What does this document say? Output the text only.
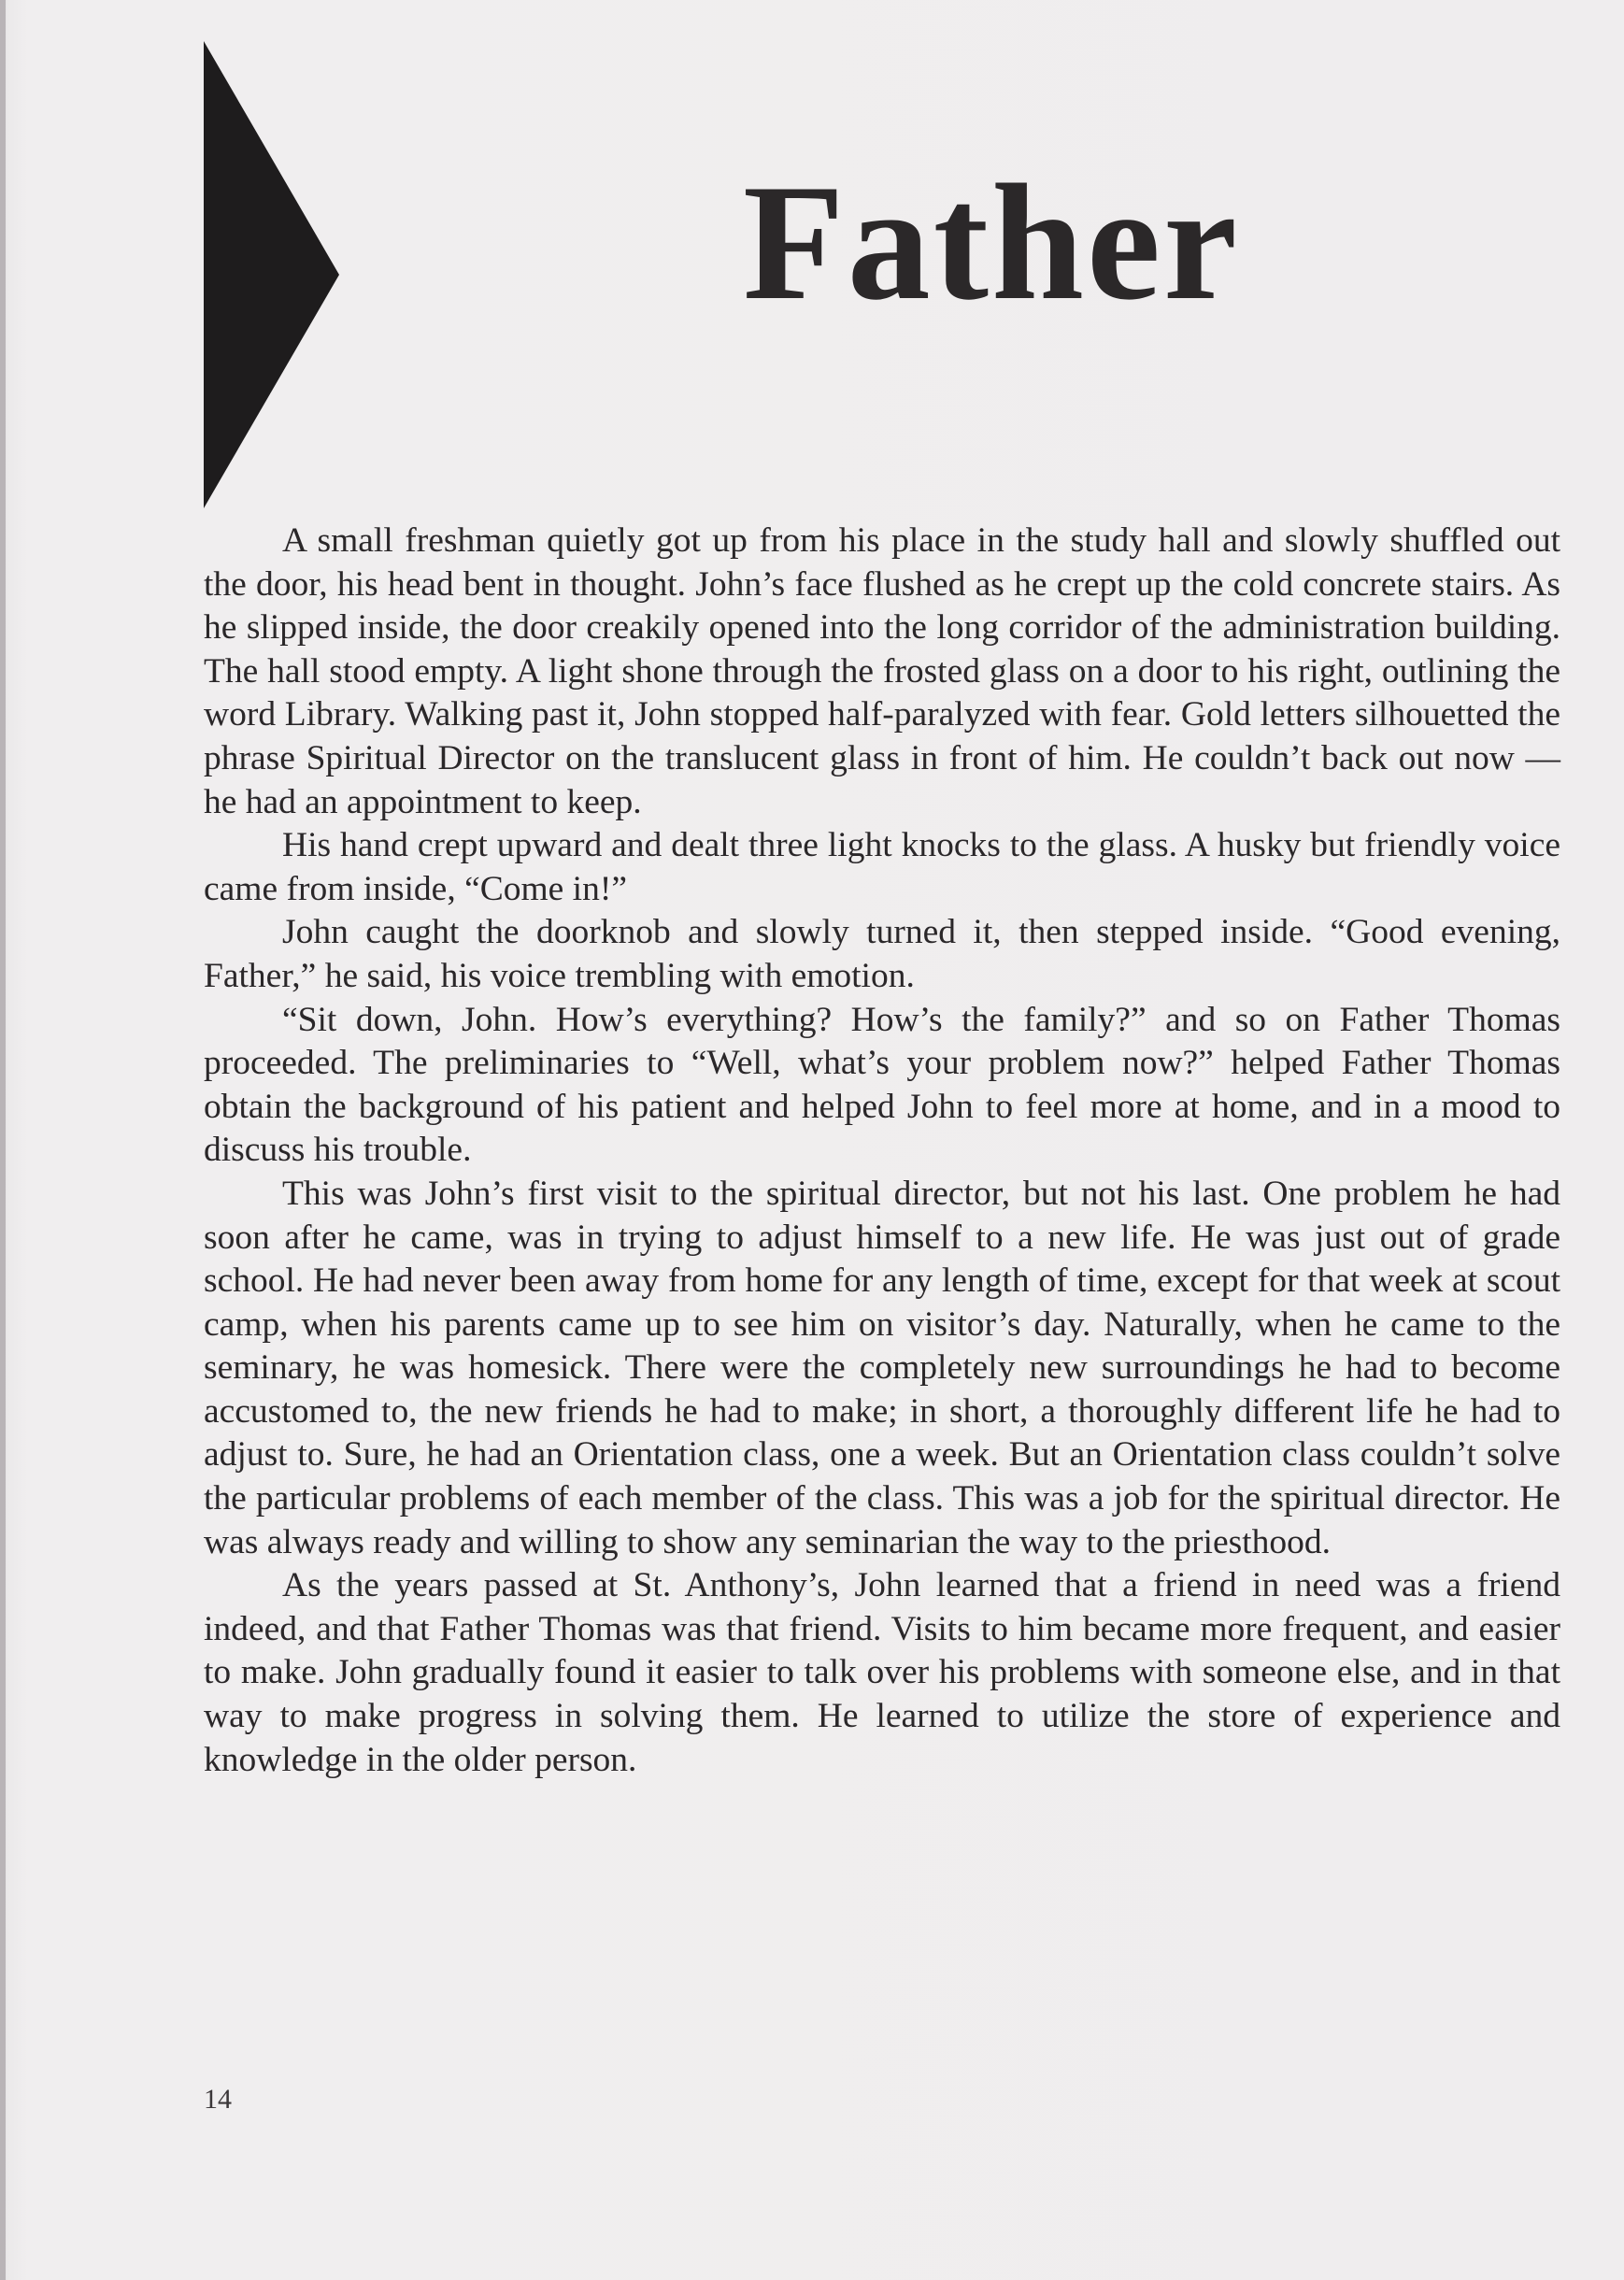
Father

A small freshman quietly got up from his place in the study hall and slowly shuffled out the door, his head bent in thought. John’s face flushed as he crept up the cold concrete stairs. As he slipped inside, the door creakily opened into the long corridor of the administration building. The hall stood empty. A light shone through the frosted glass on a door to his right, outlining the word Library. Walking past it, John stopped half-paralyzed with fear. Gold letters silhouetted the phrase Spiritual Director on the translucent glass in front of him. He couldn’t back out now — he had an appointment to keep.

His hand crept upward and dealt three light knocks to the glass. A husky but friendly voice came from inside, “Come in!”

John caught the doorknob and slowly turned it, then stepped inside. “Good evening, Father,” he said, his voice trembling with emotion.

“Sit down, John. How’s everything? How’s the family?” and so on Father Thomas proceeded. The preliminaries to “Well, what’s your problem now?” helped Father Thomas obtain the background of his patient and helped John to feel more at home, and in a mood to discuss his trouble.

This was John’s first visit to the spiritual director, but not his last. One problem he had soon after he came, was in trying to adjust himself to a new life. He was just out of grade school. He had never been away from home for any length of time, except for that week at scout camp, when his parents came up to see him on visitor’s day. Naturally, when he came to the seminary, he was homesick. There were the completely new surroundings he had to become accustomed to, the new friends he had to make; in short, a thoroughly different life he had to adjust to. Sure, he had an Orientation class, one a week. But an Orientation class couldn’t solve the particular problems of each member of the class. This was a job for the spiritual director. He was always ready and willing to show any seminarian the way to the priesthood.

As the years passed at St. Anthony’s, John learned that a friend in need was a friend indeed, and that Father Thomas was that friend. Visits to him became more frequent, and easier to make. John gradually found it easier to talk over his problems with someone else, and in that way to make progress in solving them. He learned to utilize the store of experience and knowledge in the older person.

14
